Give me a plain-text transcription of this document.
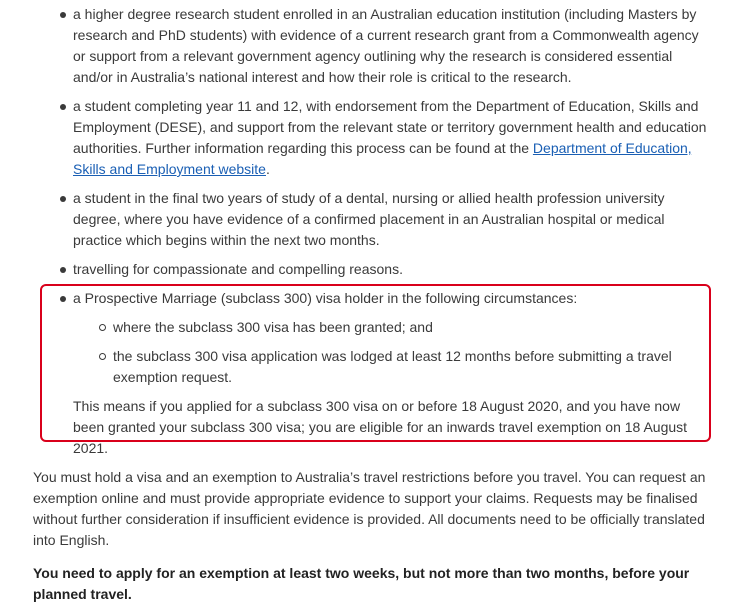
a higher degree research student enrolled in an Australian education institution (including Masters by research and PhD students) with evidence of a current research grant from a Commonwealth agency or support from a relevant government agency outlining why the research is considered essential and/or in Australia’s national interest and how their role is critical to the research.
a student completing year 11 and 12, with endorsement from the Department of Education, Skills and Employment (DESE), and support from the relevant state or territory government health and education authorities. Further information regarding this process can be found at the Department of Education, Skills and Employment website.
a student in the final two years of study of a dental, nursing or allied health profession university degree, where you have evidence of a confirmed placement in an Australian hospital or medical practice which begins within the next two months.
travelling for compassionate and compelling reasons.
a Prospective Marriage (subclass 300) visa holder in the following circumstances:
where the subclass 300 visa has been granted; and
the subclass 300 visa application was lodged at least 12 months before submitting a travel exemption request.
This means if you applied for a subclass 300 visa on or before 18 August 2020, and you have now been granted your subclass 300 visa; you are eligible for an inwards travel exemption on 18 August 2021.

You must hold a visa and an exemption to Australia’s travel restrictions before you travel. You can request an exemption online and must provide appropriate evidence to support your claims. Requests may be finalised without further consideration if insufficient evidence is provided. All documents need to be officially translated into English.

You need to apply for an exemption at least two weeks, but not more than two months, before your planned travel.
